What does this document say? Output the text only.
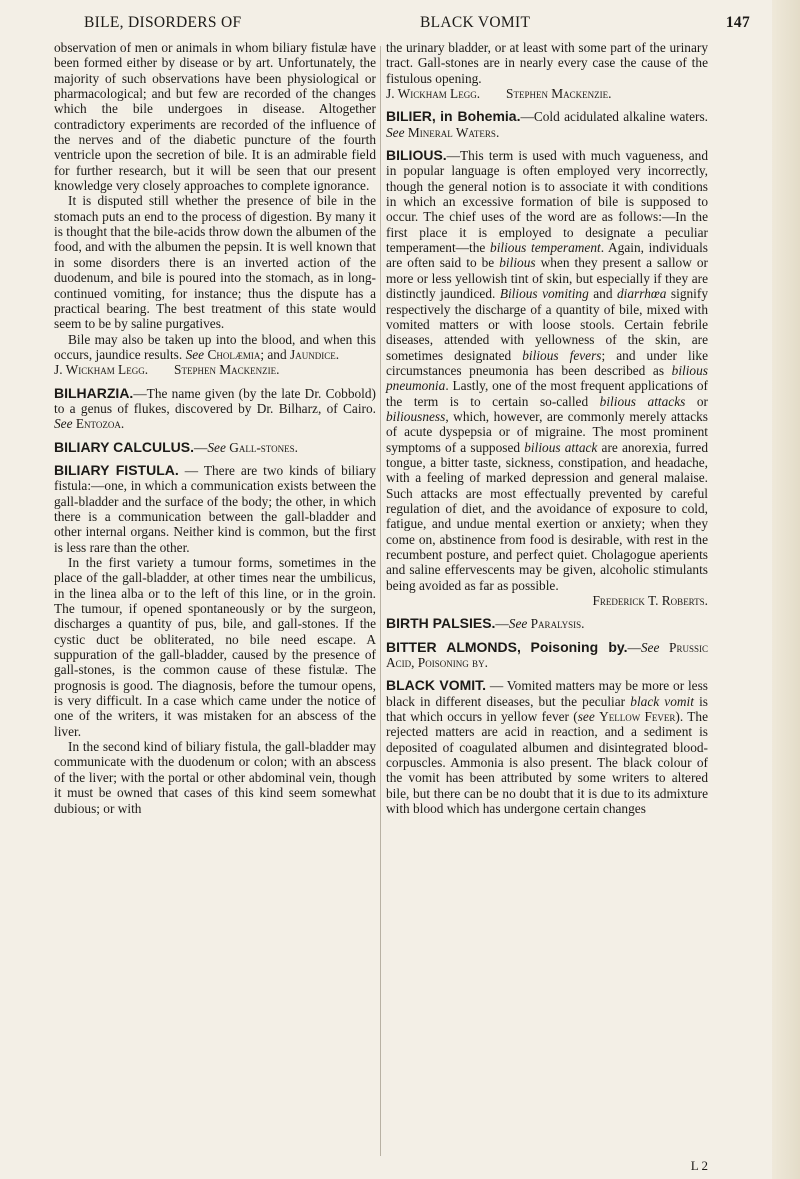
BILE, DISORDERS OF	BLACK VOMIT	147

observation of men or animals in whom biliary fistulæ have been formed either by disease or by art. Unfortunately, the majority of such observations have been physiological or pharmacological; and but few are recorded of the changes which the bile undergoes in disease. Altogether contradictory experiments are recorded of the influence of the nerves and of the diabetic puncture of the fourth ventricle upon the secretion of bile. It is an admirable field for further research, but it will be seen that our present knowledge very closely approaches to complete ignorance.

It is disputed still whether the presence of bile in the stomach puts an end to the process of digestion. By many it is thought that the bile-acids throw down the albumen of the food, and with the albumen the pepsin. It is well known that in some disorders there is an inverted action of the duodenum, and bile is poured into the stomach, as in long-continued vomiting, for instance; thus the dispute has a practical bearing. The best treatment of this state would seem to be by saline purgatives.

Bile may also be taken up into the blood, and when this occurs, jaundice results. See Cholæmia; and Jaundice.

J. Wickham Legg. Stephen Mackenzie.

BILHARZIA.—The name given (by the late Dr. Cobbold) to a genus of flukes, discovered by Dr. Bilharz, of Cairo. See Entozoa.

BILIARY CALCULUS.—See Gall-stones.

BILIARY FISTULA. — There are two kinds of biliary fistula:—one, in which a communication exists between the gall-bladder and the surface of the body; the other, in which there is a communication between the gall-bladder and other internal organs. Neither kind is common, but the first is less rare than the other.

In the first variety a tumour forms, sometimes in the place of the gall-bladder, at other times near the umbilicus, in the linea alba or to the left of this line, or in the groin. The tumour, if opened spontaneously or by the surgeon, discharges a quantity of pus, bile, and gall-stones. If the cystic duct be obliterated, no bile need escape. A suppuration of the gall-bladder, caused by the presence of gall-stones, is the common cause of these fistulæ. The prognosis is good. The diagnosis, before the tumour opens, is very difficult. In a case which came under the notice of one of the writers, it was mistaken for an abscess of the liver.

In the second kind of biliary fistula, the gall-bladder may communicate with the duodenum or colon; with an abscess of the liver; with the portal or other abdominal vein, though it must be owned that cases of this kind seem somewhat dubious; or with

the urinary bladder, or at least with some part of the urinary tract. Gall-stones are in nearly every case the cause of the fistulous opening.

J. Wickham Legg. Stephen Mackenzie.

BILIER, in Bohemia.—Cold acidulated alkaline waters. See Mineral Waters.

BILIOUS.—This term is used with much vagueness, and in popular language is often employed very incorrectly, though the general notion is to associate it with conditions in which an excessive formation of bile is supposed to occur. The chief uses of the word are as follows:—In the first place it is employed to designate a peculiar temperament—the bilious temperament. Again, individuals are often said to be bilious when they present a sallow or more or less yellowish tint of skin, but especially if they are distinctly jaundiced. Bilious vomiting and diarrhœa signify respectively the discharge of a quantity of bile, mixed with vomited matters or with loose stools. Certain febrile diseases, attended with yellowness of the skin, are sometimes designated bilious fevers; and under like circumstances pneumonia has been described as bilious pneumonia. Lastly, one of the most frequent applications of the term is to certain so-called bilious attacks or biliousness, which, however, are commonly merely attacks of acute dyspepsia or of migraine. The most prominent symptoms of a supposed bilious attack are anorexia, furred tongue, a bitter taste, sickness, constipation, and headache, with a feeling of marked depression and general malaise. Such attacks are most effectually prevented by careful regulation of diet, and the avoidance of exposure to cold, fatigue, and undue mental exertion or anxiety; when they come on, abstinence from food is desirable, with rest in the recumbent posture, and perfect quiet. Cholagogue aperients and saline effervescents may be given, alcoholic stimulants being avoided as far as possible.

Frederick T. Roberts.

BIRTH PALSIES.—See Paralysis.

BITTER ALMONDS, Poisoning by.—See Prussic Acid, Poisoning by.

BLACK VOMIT. — Vomited matters may be more or less black in different diseases, but the peculiar black vomit is that which occurs in yellow fever (see Yellow Fever). The rejected matters are acid in reaction, and a sediment is deposited of coagulated albumen and disintegrated blood-corpuscles. Ammonia is also present. The black colour of the vomit has been attributed by some writers to altered bile, but there can be no doubt that it is due to its admixture with blood which has undergone certain changes

L 2
